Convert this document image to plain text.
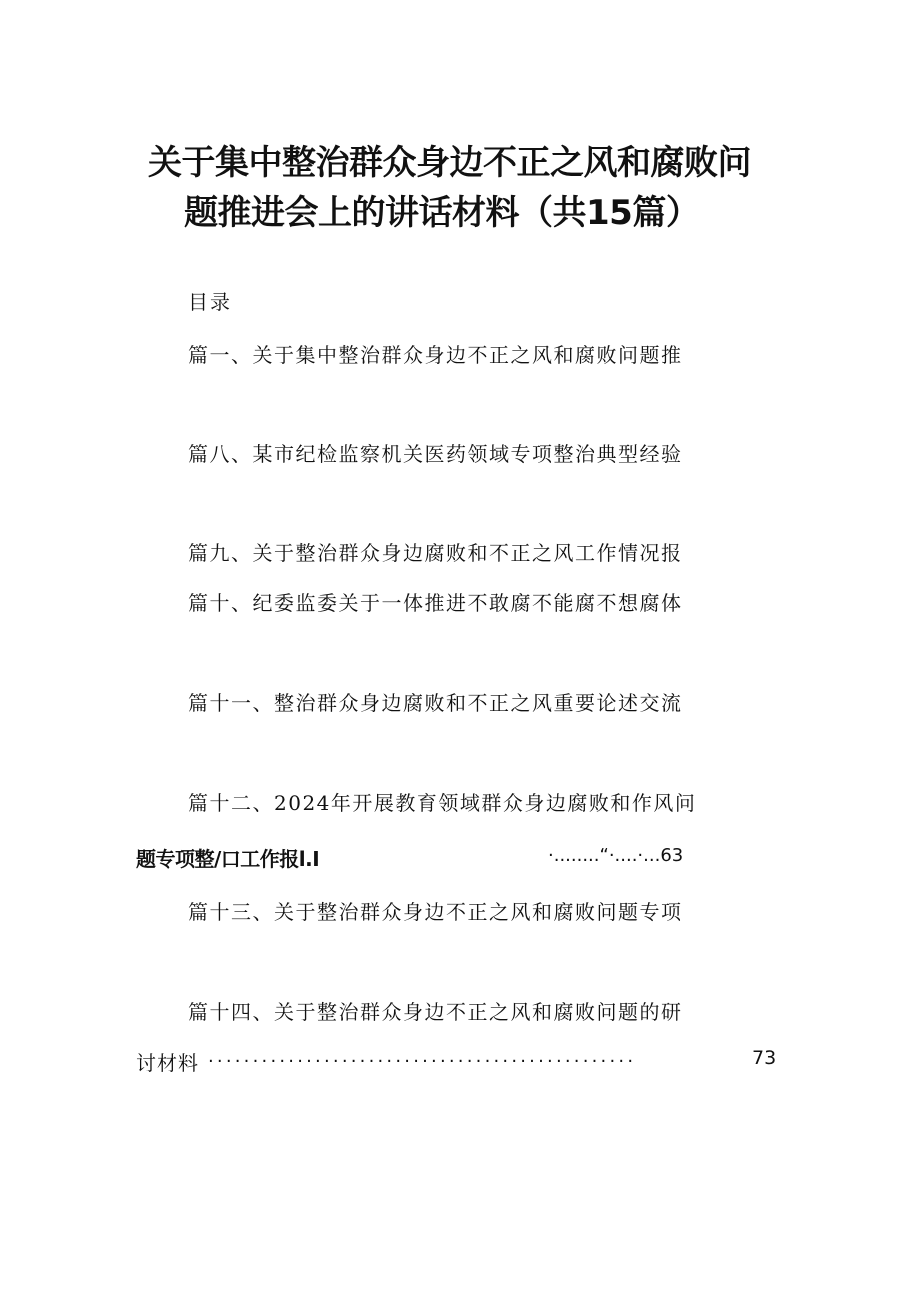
关于集中整治群众身边不正之风和腐败问
题推进会上的讲话材料（共15篇）
目录
篇一、关于集中整治群众身边不正之风和腐败问题推
篇八、某市纪检监察机关医药领域专项整治典型经验
篇九、关于整治群众身边腐败和不正之风工作情况报
篇十、纪委监委关于一体推进不敢腐不能腐不想腐体
篇十一、整治群众身边腐败和不正之风重要论述交流
篇十二、2024年开展教育领域群众身边腐败和作风问
题专项整/口工作报l.I	·........“·....·...63
篇十三、关于整治群众身边不正之风和腐败问题专项
篇十四、关于整治群众身边不正之风和腐败问题的研
讨材料 ................................................	73
